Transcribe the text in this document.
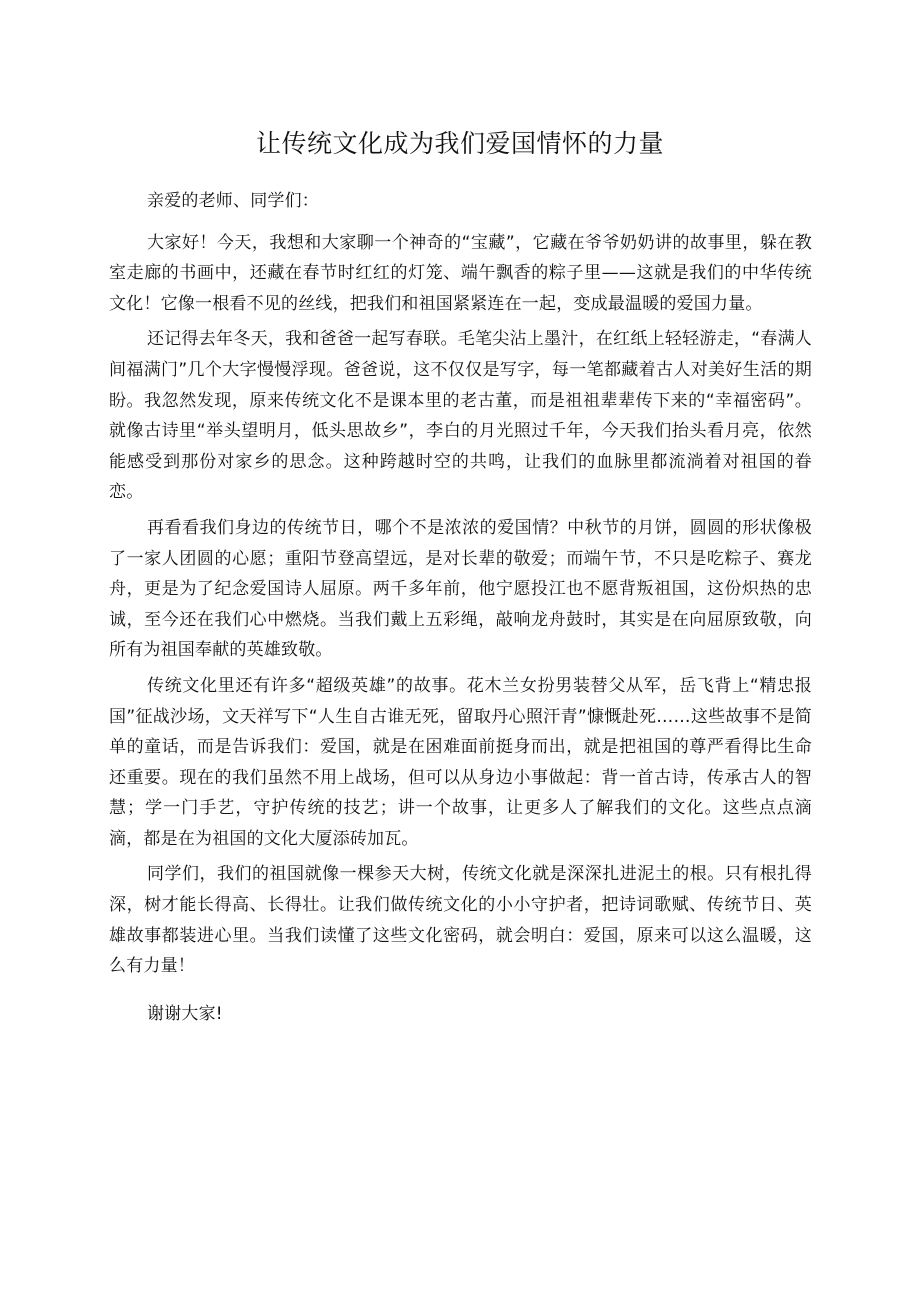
让传统文化成为我们爱国情怀的力量

亲爱的老师、同学们：

大家好！今天，我想和大家聊一个神奇的“宝藏”，它藏在爷爷奶奶讲的故事里，躲在教室走廊的书画中，还藏在春节时红红的灯笼、端午飘香的粽子里——这就是我们的中华传统文化！它像一根看不见的丝线，把我们和祖国紧紧连在一起，变成最温暖的爱国力量。

还记得去年冬天，我和爸爸一起写春联。毛笔尖沾上墨汁，在红纸上轻轻游走，“春满人间福满门”几个大字慢慢浮现。爸爸说，这不仅仅是写字，每一笔都藏着古人对美好生活的期盼。我忽然发现，原来传统文化不是课本里的老古董，而是祖祖辈辈传下来的“幸福密码”。就像古诗里“举头望明月，低头思故乡”，李白的月光照过千年，今天我们抬头看月亮，依然能感受到那份对家乡的思念。这种跨越时空的共鸣，让我们的血脉里都流淌着对祖国的眷恋。

再看看我们身边的传统节日，哪个不是浓浓的爱国情？中秋节的月饼，圆圆的形状像极了一家人团圆的心愿；重阳节登高望远，是对长辈的敬爱；而端午节，不只是吃粽子、赛龙舟，更是为了纪念爱国诗人屈原。两千多年前，他宁愿投江也不愿背叛祖国，这份炽热的忠诚，至今还在我们心中燃烧。当我们戴上五彩绳，敲响龙舟鼓时，其实是在向屈原致敬，向所有为祖国奉献的英雄致敬。

传统文化里还有许多“超级英雄”的故事。花木兰女扮男装替父从军，岳飞背上“精忠报国”征战沙场，文天祥写下“人生自古谁无死，留取丹心照汗青”慷慨赴死……这些故事不是简单的童话，而是告诉我们：爱国，就是在困难面前挺身而出，就是把祖国的尊严看得比生命还重要。现在的我们虽然不用上战场，但可以从身边小事做起：背一首古诗，传承古人的智慧；学一门手艺，守护传统的技艺；讲一个故事，让更多人了解我们的文化。这些点点滴滴，都是在为祖国的文化大厦添砖加瓦。

同学们，我们的祖国就像一棵参天大树，传统文化就是深深扎进泥土的根。只有根扎得深，树才能长得高、长得壮。让我们做传统文化的小小守护者，把诗词歌赋、传统节日、英雄故事都装进心里。当我们读懂了这些文化密码，就会明白：爱国，原来可以这么温暖，这么有力量！

谢谢大家!
